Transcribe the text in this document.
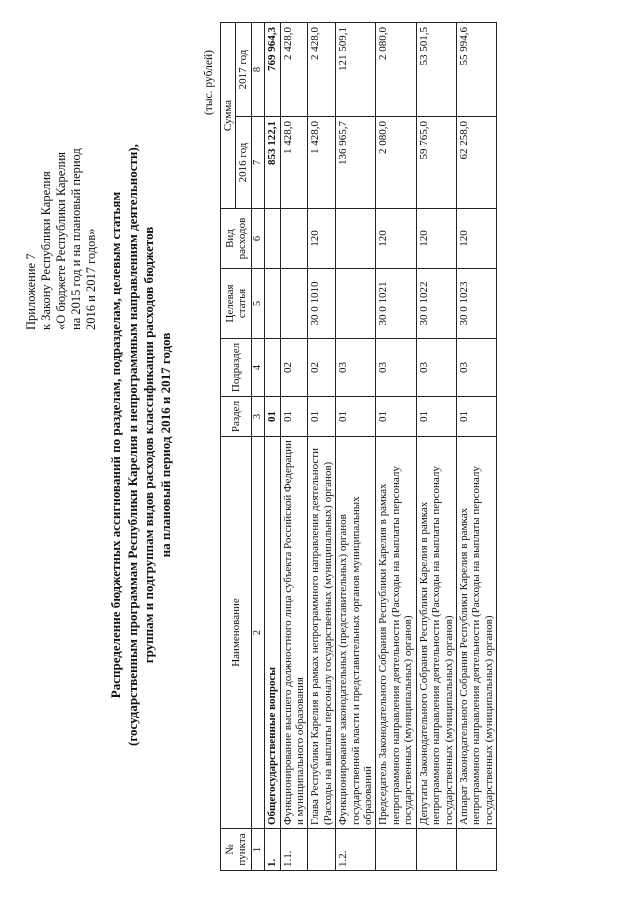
Приложение 7 к Закону Республики Карелия «О бюджете Республики Карелия на 2015 год и на плановый период 2016 и 2017 годов» Распределение бюджетных ассигнований по разделам, подразделам, целевым статьям (государственным программам Республики Карелия и непрограммным направлениям деятельности), группам и подгруппам видов расходов классификации расходов бюджетов на плановый период 2016 и 2017 годов
(тыс. рублей)
№ пункта	Наименование	Раздел	Подраздел	Целевая статья	Вид расходов	Сумма	
						2016 год	2017 год
1	2	3	4	5	6	7	8
1.	Общегосударственные вопросы	01				853 122,1	769 964,3
1.1.	Функционирование высшего должностного лица субъекта Российской Федерации и муниципального образования	01	02			1 428,0	2 428,0
	Глава Республики Карелия в рамках непрограммного направления деятельности (Расходы на выплаты персоналу государственных (муниципальных) органов)	01	02	30 0 1010	120	1 428,0	2 428,0
1.2.	Функционирование законодательных (представительных) органов государственной власти и представительных органов муниципальных образований	01	03			136 965,7	121 509,1
	Председатель Законодательного Собрания Республики Карелия в рамках непрограммного направления деятельности (Расходы на выплаты персоналу государственных (муниципальных) органов)	01	03	30 0 1021	120	2 080,0	2 080,0
	Депутаты Законодательного Собрания Республики Карелия в рамках непрограммного направления деятельности (Расходы на выплаты персоналу государственных (муниципальных) органов)	01	03	30 0 1022	120	59 765,0	53 501,5
	Аппарат Законодательного Собрания Республики Карелия в рамках непрограммного направления деятельности (Расходы на выплаты персоналу государственных (муниципальных) органов)	01	03	30 0 1023	120	62 258,0	55 994,6
